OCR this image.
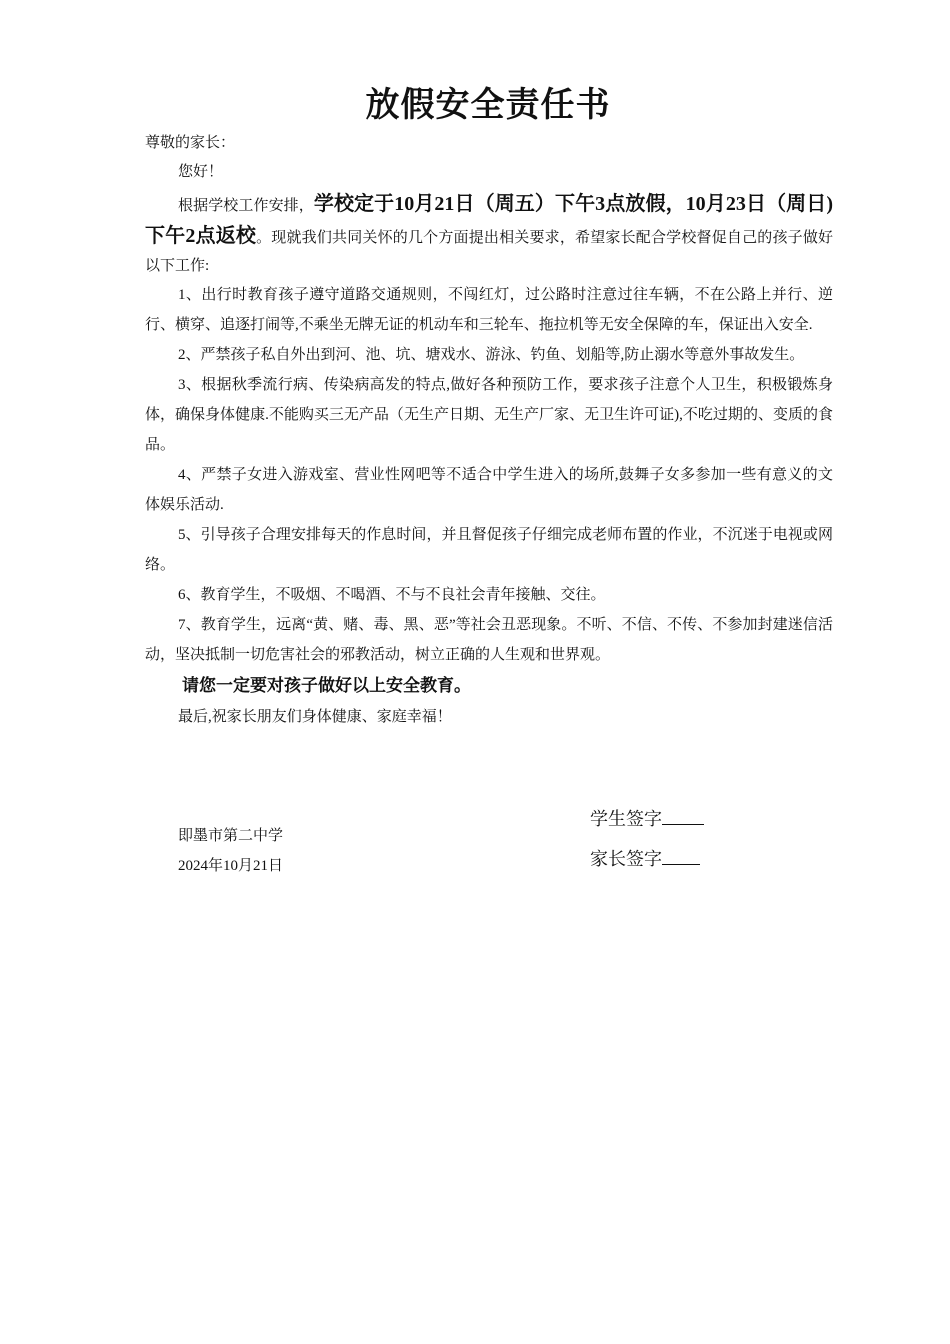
放假安全责任书

尊敬的家长：

您好！

根据学校工作安排，学校定于10月21日（周五）下午3点放假，10月23日（周日)下午2点返校。现就我们共同关怀的几个方面提出相关要求，希望家长配合学校督促自己的孩子做好以下工作:

1、出行时教育孩子遵守道路交通规则，不闯红灯，过公路时注意过往车辆，不在公路上并行、逆行、横穿、追逐打闹等,不乘坐无牌无证的机动车和三轮车、拖拉机等无安全保障的车，保证出入安全.

2、严禁孩子私自外出到河、池、坑、塘戏水、游泳、钓鱼、划船等,防止溺水等意外事故发生。

3、根据秋季流行病、传染病高发的特点,做好各种预防工作，要求孩子注意个人卫生，积极锻炼身体，确保身体健康.不能购买三无产品（无生产日期、无生产厂家、无卫生许可证),不吃过期的、变质的食品。

4、严禁子女进入游戏室、营业性网吧等不适合中学生进入的场所,鼓舞子女多参加一些有意义的文体娱乐活动.

5、引导孩子合理安排每天的作息时间，并且督促孩子仔细完成老师布置的作业，不沉迷于电视或网络。

6、教育学生，不吸烟、不喝酒、不与不良社会青年接触、交往。

7、教育学生，远离“黄、赌、毒、黑、恶”等社会丑恶现象。不听、不信、不传、不参加封建迷信活动，坚决抵制一切危害社会的邪教活动，树立正确的人生观和世界观。

请您一定要对孩子做好以上安全教育。

最后,祝家长朋友们身体健康、家庭幸福！

即墨市第二中学
2024年10月21日
学生签字
家长签字
